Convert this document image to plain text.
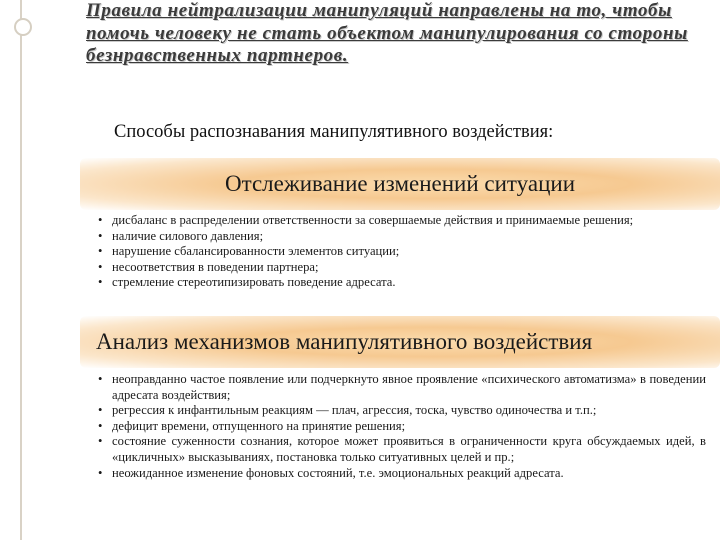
Правила нейтрализации манипуляций направлены на то, чтобы помочь человеку не стать объектом манипулирования со стороны безнравственных партнеров.

Способы распознавания манипулятивного воздействия:

Отслеживание изменений ситуации
• дисбаланс в распределении ответственности за совершаемые действия и принимаемые решения;
• наличие силового давления;
• нарушение сбалансированности элементов ситуации;
• несоответствия в поведении партнера;
• стремление стереотипизировать поведение адресата.
Анализ механизмов манипулятивного воздействия
• неоправданно частое появление или подчеркнуто явное проявление «психического автоматизма» в поведении адресата воздействия;
• регрессия к инфантильным реакциям — плач, агрессия, тоска, чувство одиночества и т.п.;
• дефицит времени, отпущенного на принятие решения;
• состояние суженности сознания, которое может проявиться в ограниченности круга обсуждаемых идей, в «цикличных» высказываниях, постановка только ситуативных целей и пр.;
• неожиданное изменение фоновых состояний, т.е. эмоциональных реакций адресата.
